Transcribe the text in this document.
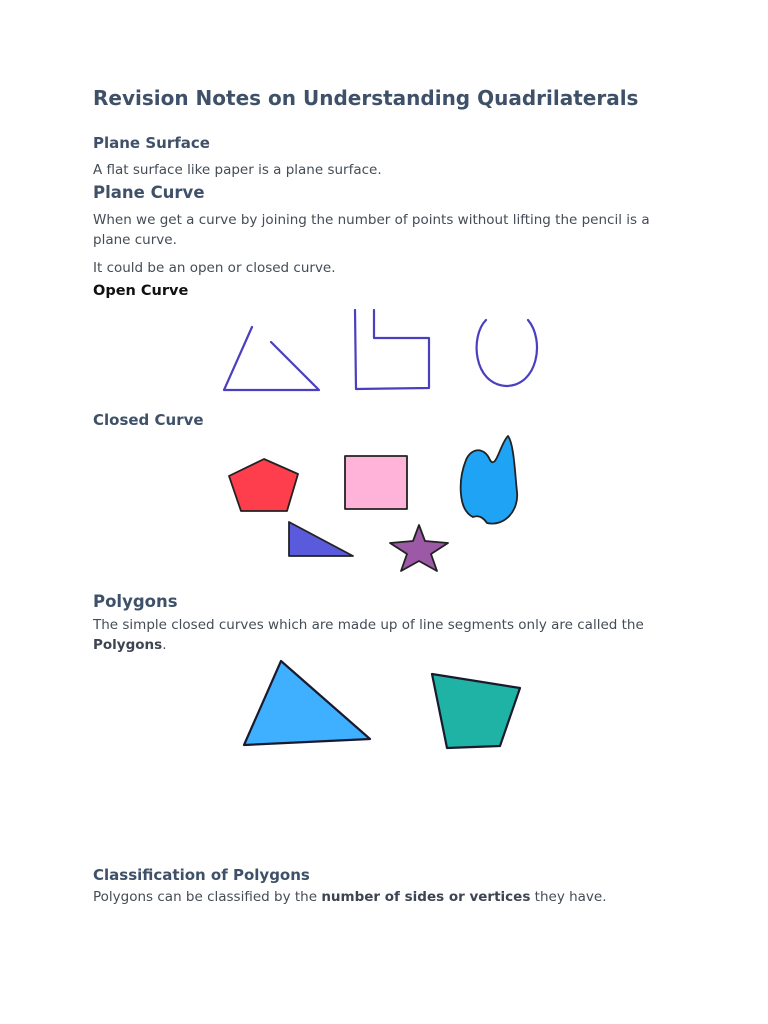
Revision Notes on Understanding Quadrilaterals
Plane Surface

A flat surface like paper is a plane surface.

Plane Curve

When we get a curve by joining the number of points without lifting the pencil is a plane curve.

It could be an open or closed curve.

Open Curve
Closed Curve
Polygons

The simple closed curves which are made up of line segments only are called the Polygons.

Classification of Polygons

Polygons can be classified by the number of sides or vertices they have.
